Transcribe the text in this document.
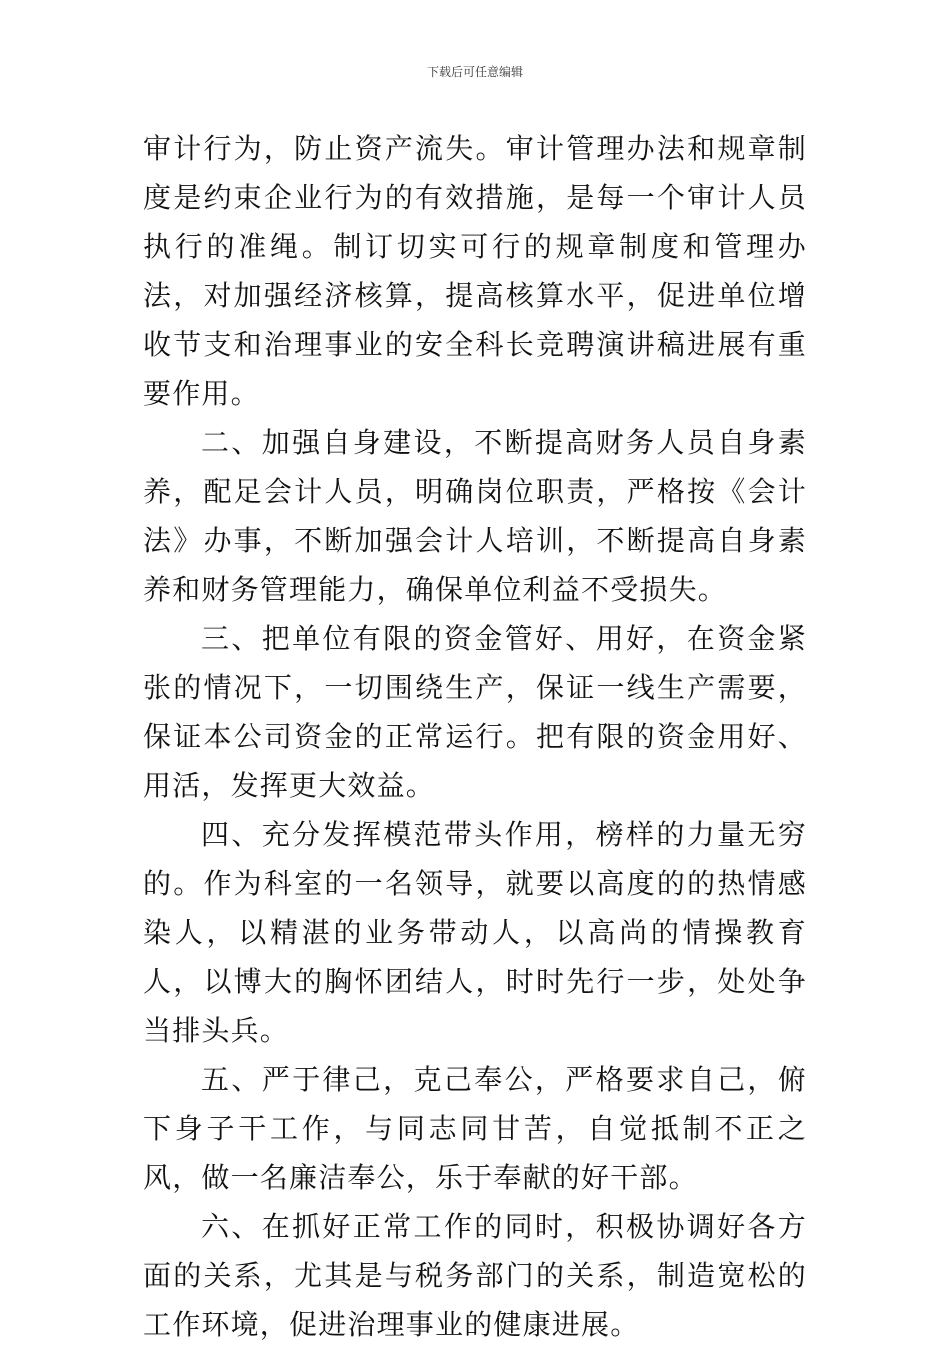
下载后可任意编辑

审计行为，防止资产流失。审计管理办法和规章制度是约束企业行为的有效措施，是每一个审计人员执行的准绳。制订切实可行的规章制度和管理办法，对加强经济核算，提高核算水平，促进单位增收节支和治理事业的安全科长竞聘演讲稿进展有重要作用。

二、加强自身建设，不断提高财务人员自身素养，配足会计人员，明确岗位职责，严格按《会计法》办事，不断加强会计人培训，不断提高自身素养和财务管理能力，确保单位利益不受损失。

三、把单位有限的资金管好、用好，在资金紧张的情况下，一切围绕生产，保证一线生产需要，保证本公司资金的正常运行。把有限的资金用好、用活，发挥更大效益。

四、充分发挥模范带头作用，榜样的力量无穷的。作为科室的一名领导，就要以高度的的热情感染人，以精湛的业务带动人，以高尚的情操教育人，以博大的胸怀团结人，时时先行一步，处处争当排头兵。

五、严于律己，克己奉公，严格要求自己，俯下身子干工作，与同志同甘苦，自觉抵制不正之风，做一名廉洁奉公，乐于奉献的好干部。

六、在抓好正常工作的同时，积极协调好各方面的关系，尤其是与税务部门的关系，制造宽松的工作环境，促进治理事业的健康进展。
